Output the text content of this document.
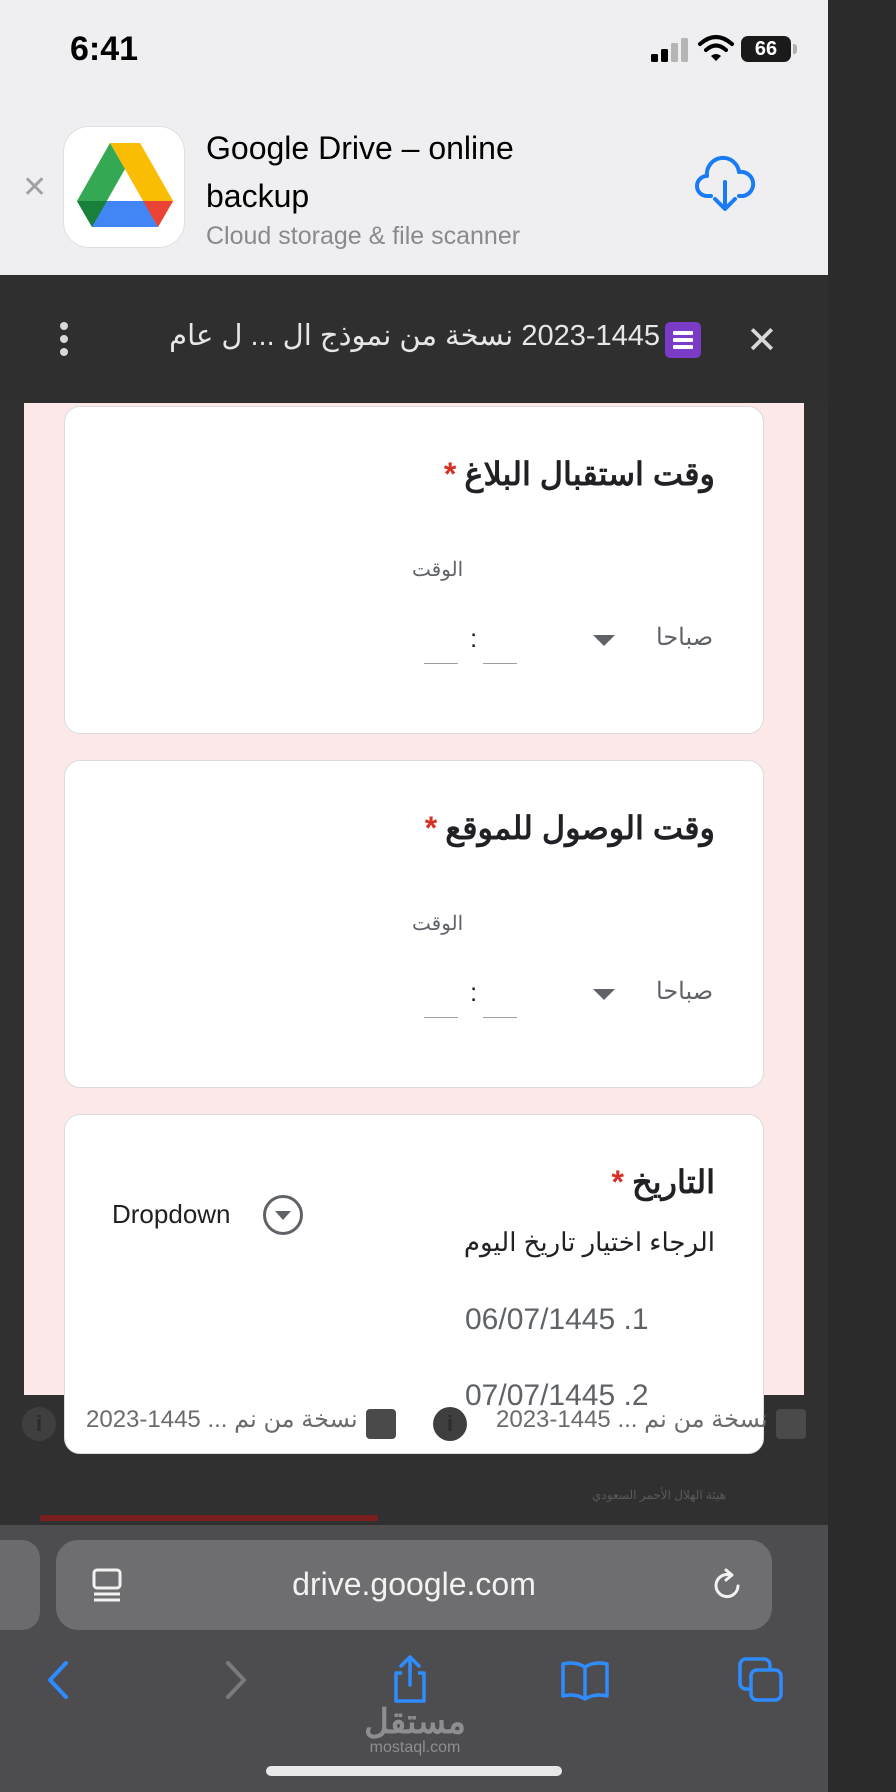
6:41	66
✕
Google Drive – online backup
Cloud storage & file scanner
2023-1445 نسخة من نموذج ال ... ل عام ✕
وقت استقبال البلاغ*
الوقت
صباحا
:
وقت الوصول للموقع*
الوقت
صباحا
:
التاريخ*
الرجاء اختيار تاريخ اليوم
Dropdown
06/07/1445 .1
07/07/1445 .2
i	2023-1445 ... نسخة من نم	i	2023-1445 ... نسخة من نم
هيئة الهلال الأحمر السعودي
drive.google.com
مستقل
mostaql.com
